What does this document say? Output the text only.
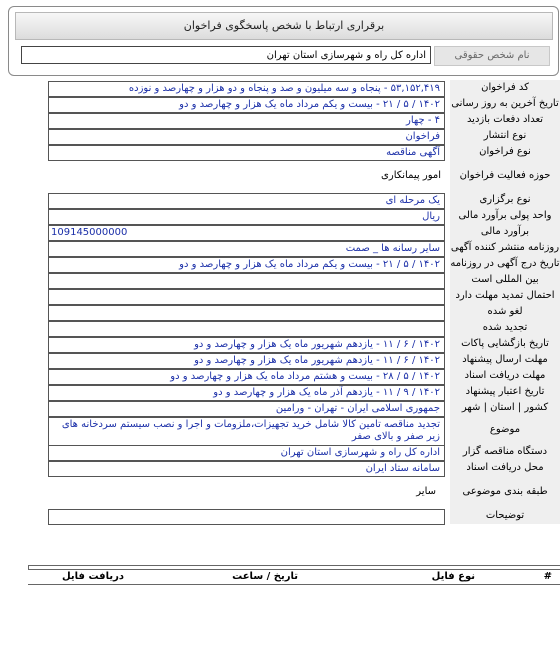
برقراری ارتباط با شخص پاسخگوی فراخوان
نام شخص حقوقی
اداره کل راه و شهرسازی استان تهران
کد فراخوان
۵۳,۱۵۲,۴۱۹ - پنجاه و سه میلیون و صد و پنجاه و دو هزار و چهارصد و نوزده
تاریخ آخرین به روز رسانی
۱۴۰۲ / ۵ / ۲۱ - بیست و یکم مرداد ماه یک هزار و چهارصد و دو
تعداد دفعات بازدید
۴ - چهار
نوع انتشار
فراخوان
نوع فراخوان
آگهی مناقصه
حوزه فعالیت فراخوان
امور پیمانکاری
نوع برگزاری
یک مرحله ای
واحد پولی برآورد مالی
ریال
برآورد مالی
109145000000
روزنامه منتشر کننده آگهی
سایر رسانه ها _ صمت
تاریخ درج آگهی در روزنامه
۱۴۰۲ / ۵ / ۲۱ - بیست و یکم مرداد ماه یک هزار و چهارصد و دو
بین المللی است
احتمال تمدید مهلت دارد
لغو شده
تجدید شده
تاریخ بازگشایی پاکات
۱۴۰۲ / ۶ / ۱۱ - یازدهم شهریور ماه یک هزار و چهارصد و دو
مهلت ارسال پیشنهاد
۱۴۰۲ / ۶ / ۱۱ - یازدهم شهریور ماه یک هزار و چهارصد و دو
مهلت دریافت اسناد
۱۴۰۲ / ۵ / ۲۸ - بیست و هشتم مرداد ماه یک هزار و چهارصد و دو
تاریخ اعتبار پیشنهاد
۱۴۰۲ / ۹ / ۱۱ - یازدهم آذر ماه یک هزار و چهارصد و دو
کشور | استان | شهر
جمهوری اسلامی ایران - تهران - ورامین
موضوع
تجدید مناقصه تامین کالا شامل خرید تجهیزات،ملزومات و اجرا و نصب سیستم سردخانه های زیر صفر و بالای صفر
دستگاه مناقصه گزار
اداره کل راه و شهرسازی استان تهران
محل دریافت اسناد
سامانه ستاد ایران
طبقه بندی موضوعی
سایر
توضیحات
#
نوع فایل
تاریخ / ساعت
دریافت فایل
